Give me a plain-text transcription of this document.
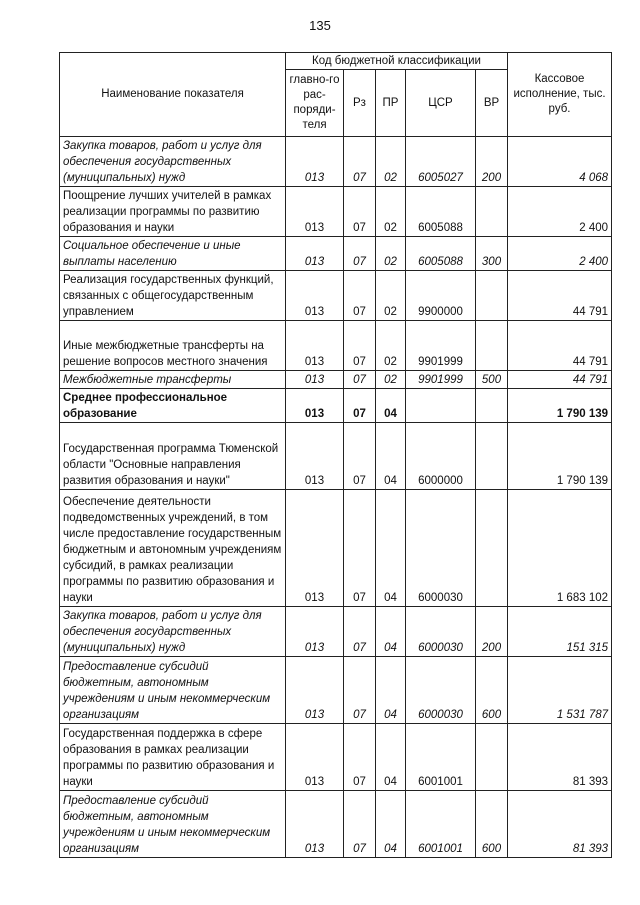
135
Наименование показателя	Код бюджетной классификации					Кассовое исполнение, тыс. руб.
	главно-го рас-поряди-теля	Рз	ПР	ЦСР	ВР	
Закупка товаров, работ и услуг для обеспечения государственных (муниципальных) нужд	013	07	02	6005027	200	4 068
Поощрение лучших учителей в рамках реализации программы по развитию образования и науки	013	07	02	6005088		2 400
Социальное обеспечение и иные выплаты населению	013	07	02	6005088	300	2 400
Реализация государственных функций, связанных с общегосударственным управлением	013	07	02	9900000		44 791
Иные межбюджетные трансферты на решение вопросов местного значения	013	07	02	9901999		44 791
Межбюджетные трансферты	013	07	02	9901999	500	44 791
Среднее профессиональное образование	013	07	04			1 790 139
Государственная программа Тюменской области "Основные направления развития образования и науки"	013	07	04	6000000		1 790 139
Обеспечение деятельности подведомственных учреждений, в том числе предоставление государственным бюджетным и автономным учреждениям субсидий, в рамках реализации программы по развитию образования и науки	013	07	04	6000030		1 683 102
Закупка товаров, работ и услуг для обеспечения государственных (муниципальных) нужд	013	07	04	6000030	200	151 315
Предоставление субсидий бюджетным, автономным учреждениям и иным некоммерческим организациям	013	07	04	6000030	600	1 531 787
Государственная поддержка в сфере образования в рамках реализации программы по развитию образования и науки	013	07	04	6001001		81 393
Предоставление субсидий бюджетным, автономным учреждениям и иным некоммерческим организациям	013	07	04	6001001	600	81 393
